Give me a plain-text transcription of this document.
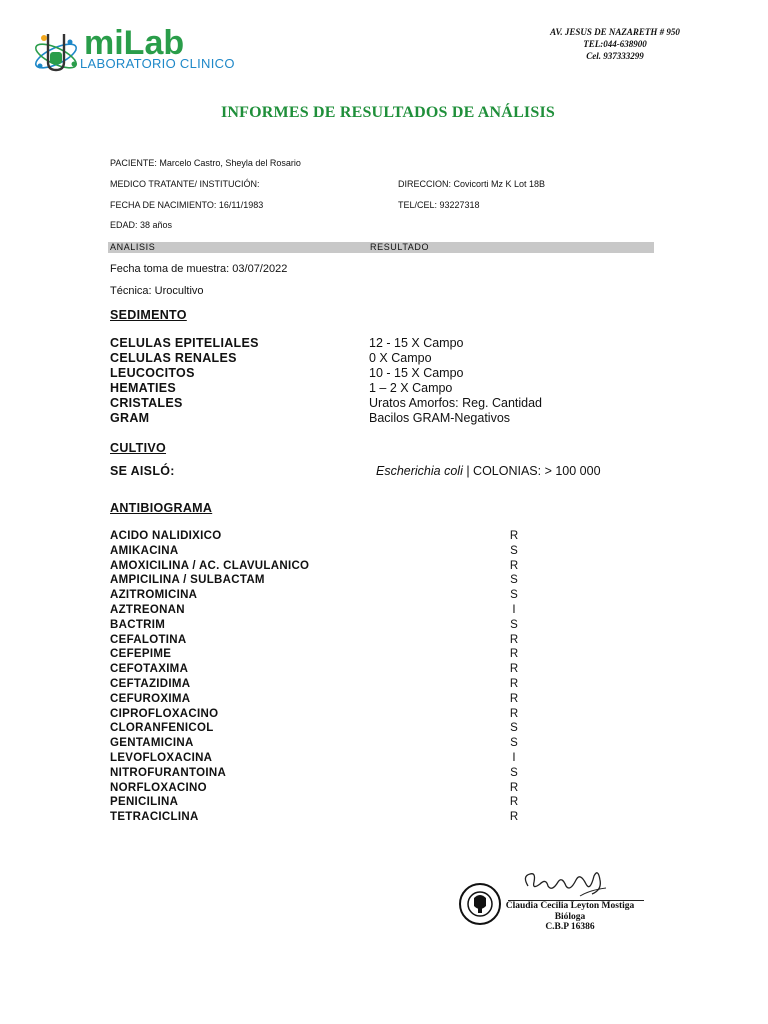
miLab
LABORATORIO CLINICO
AV. JESUS DE NAZARETH # 950
TEL:044-638900
Cel. 937333299
INFORMES DE RESULTADOS DE ANÁLISIS
PACIENTE: Marcelo Castro, Sheyla del Rosario
MEDICO TRATANTE/ INSTITUCIÓN:	DIRECCION: Covicorti Mz K Lot 18B
FECHA DE NACIMIENTO: 16/11/1983	TEL/CEL: 93227318
EDAD: 38 años
ANALISIS	RESULTADO
Fecha toma de muestra: 03/07/2022
Técnica: Urocultivo
SEDIMENTO
CELULAS EPITELIALES	12 - 15 X Campo
CELULAS RENALES	0 X Campo
LEUCOCITOS	10 - 15 X Campo
HEMATIES	1 – 2 X Campo
CRISTALES	Uratos Amorfos: Reg. Cantidad
GRAM	Bacilos GRAM-Negativos
CULTIVO
SE AISLÓ:	Escherichia coli | COLONIAS: > 100 000
ANTIBIOGRAMA
ACIDO NALIDIXICO	R
AMIKACINA	S
AMOXICILINA / AC. CLAVULANICO	R
AMPICILINA / SULBACTAM	S
AZITROMICINA	S
AZTREONAN	I
BACTRIM	S
CEFALOTINA	R
CEFEPIME	R
CEFOTAXIMA	R
CEFTAZIDIMA	R
CEFUROXIMA	R
CIPROFLOXACINO	R
CLORANFENICOL	S
GENTAMICINA	S
LEVOFLOXACINA	I
NITROFURANTOINA	S
NORFLOXACINO	R
PENICILINA	R
TETRACICLINA	R
Claudia Cecilia Leyton Mostiga
Bióloga
C.B.P 16386
